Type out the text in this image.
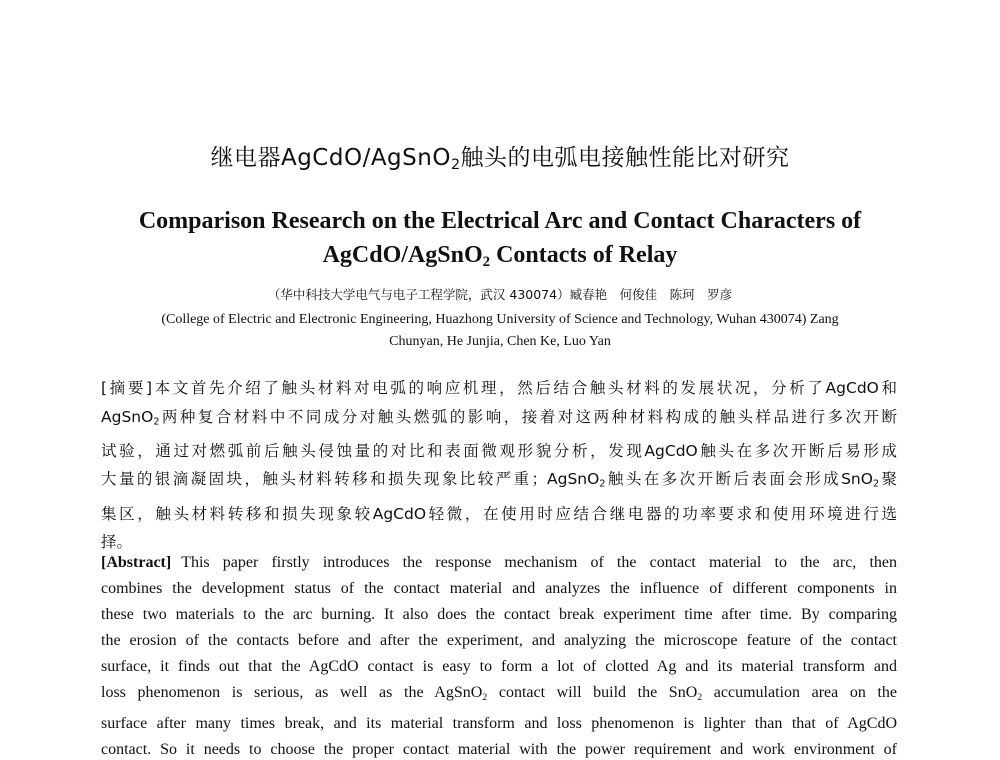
继电器AgCdO/AgSnO$_2$触头的电弧电接触性能比对研究
Comparison Research on the Electrical Arc and Contact Characters of
AgCdO/AgSnO$_2$ Contacts of Relay
（华中科技大学电气与电子工程学院，武汉 430074）臧春艳　何俊佳　陈珂　罗彦
(College of Electric and Electronic Engineering, Huazhong University of Science and Technology, Wuhan 430074) Zang
Chunyan, He Junjia, Chen Ke, Luo Yan
[摘要]本文首先介绍了触头材料对电弧的响应机理，然后结合触头材料的发展状况，分析了AgCdO和
AgSnO$_2$两种复合材料中不同成分对触头燃弧的影响，接着对这两种材料构成的触头样品进行多次开断
试验，通过对燃弧前后触头侵蚀量的对比和表面微观形貌分析，发现AgCdO触头在多次开断后易形成
大量的银滴凝固块，触头材料转移和损失现象比较严重；AgSnO$_2$触头在多次开断后表面会形成SnO$_2$聚
集区，触头材料转移和损失现象较AgCdO轻微，在使用时应结合继电器的功率要求和使用环境进行选
择。
[Abstract] This paper firstly introduces the response mechanism of the contact material to the arc, then
combines the development status of the contact material and analyzes the influence of different components in
these two materials to the arc burning. It also does the contact break experiment time after time. By comparing
the erosion of the contacts before and after the experiment, and analyzing the microscope feature of the contact
surface, it finds out that the AgCdO contact is easy to form a lot of clotted Ag and its material transform and
loss phenomenon is serious, as well as the AgSnO$_2$ contact will build the SnO$_2$ accumulation area on the
surface after many times break, and its material transform and loss phenomenon is lighter than that of AgCdO
contact. So it needs to choose the proper contact material with the power requirement and work environment of
